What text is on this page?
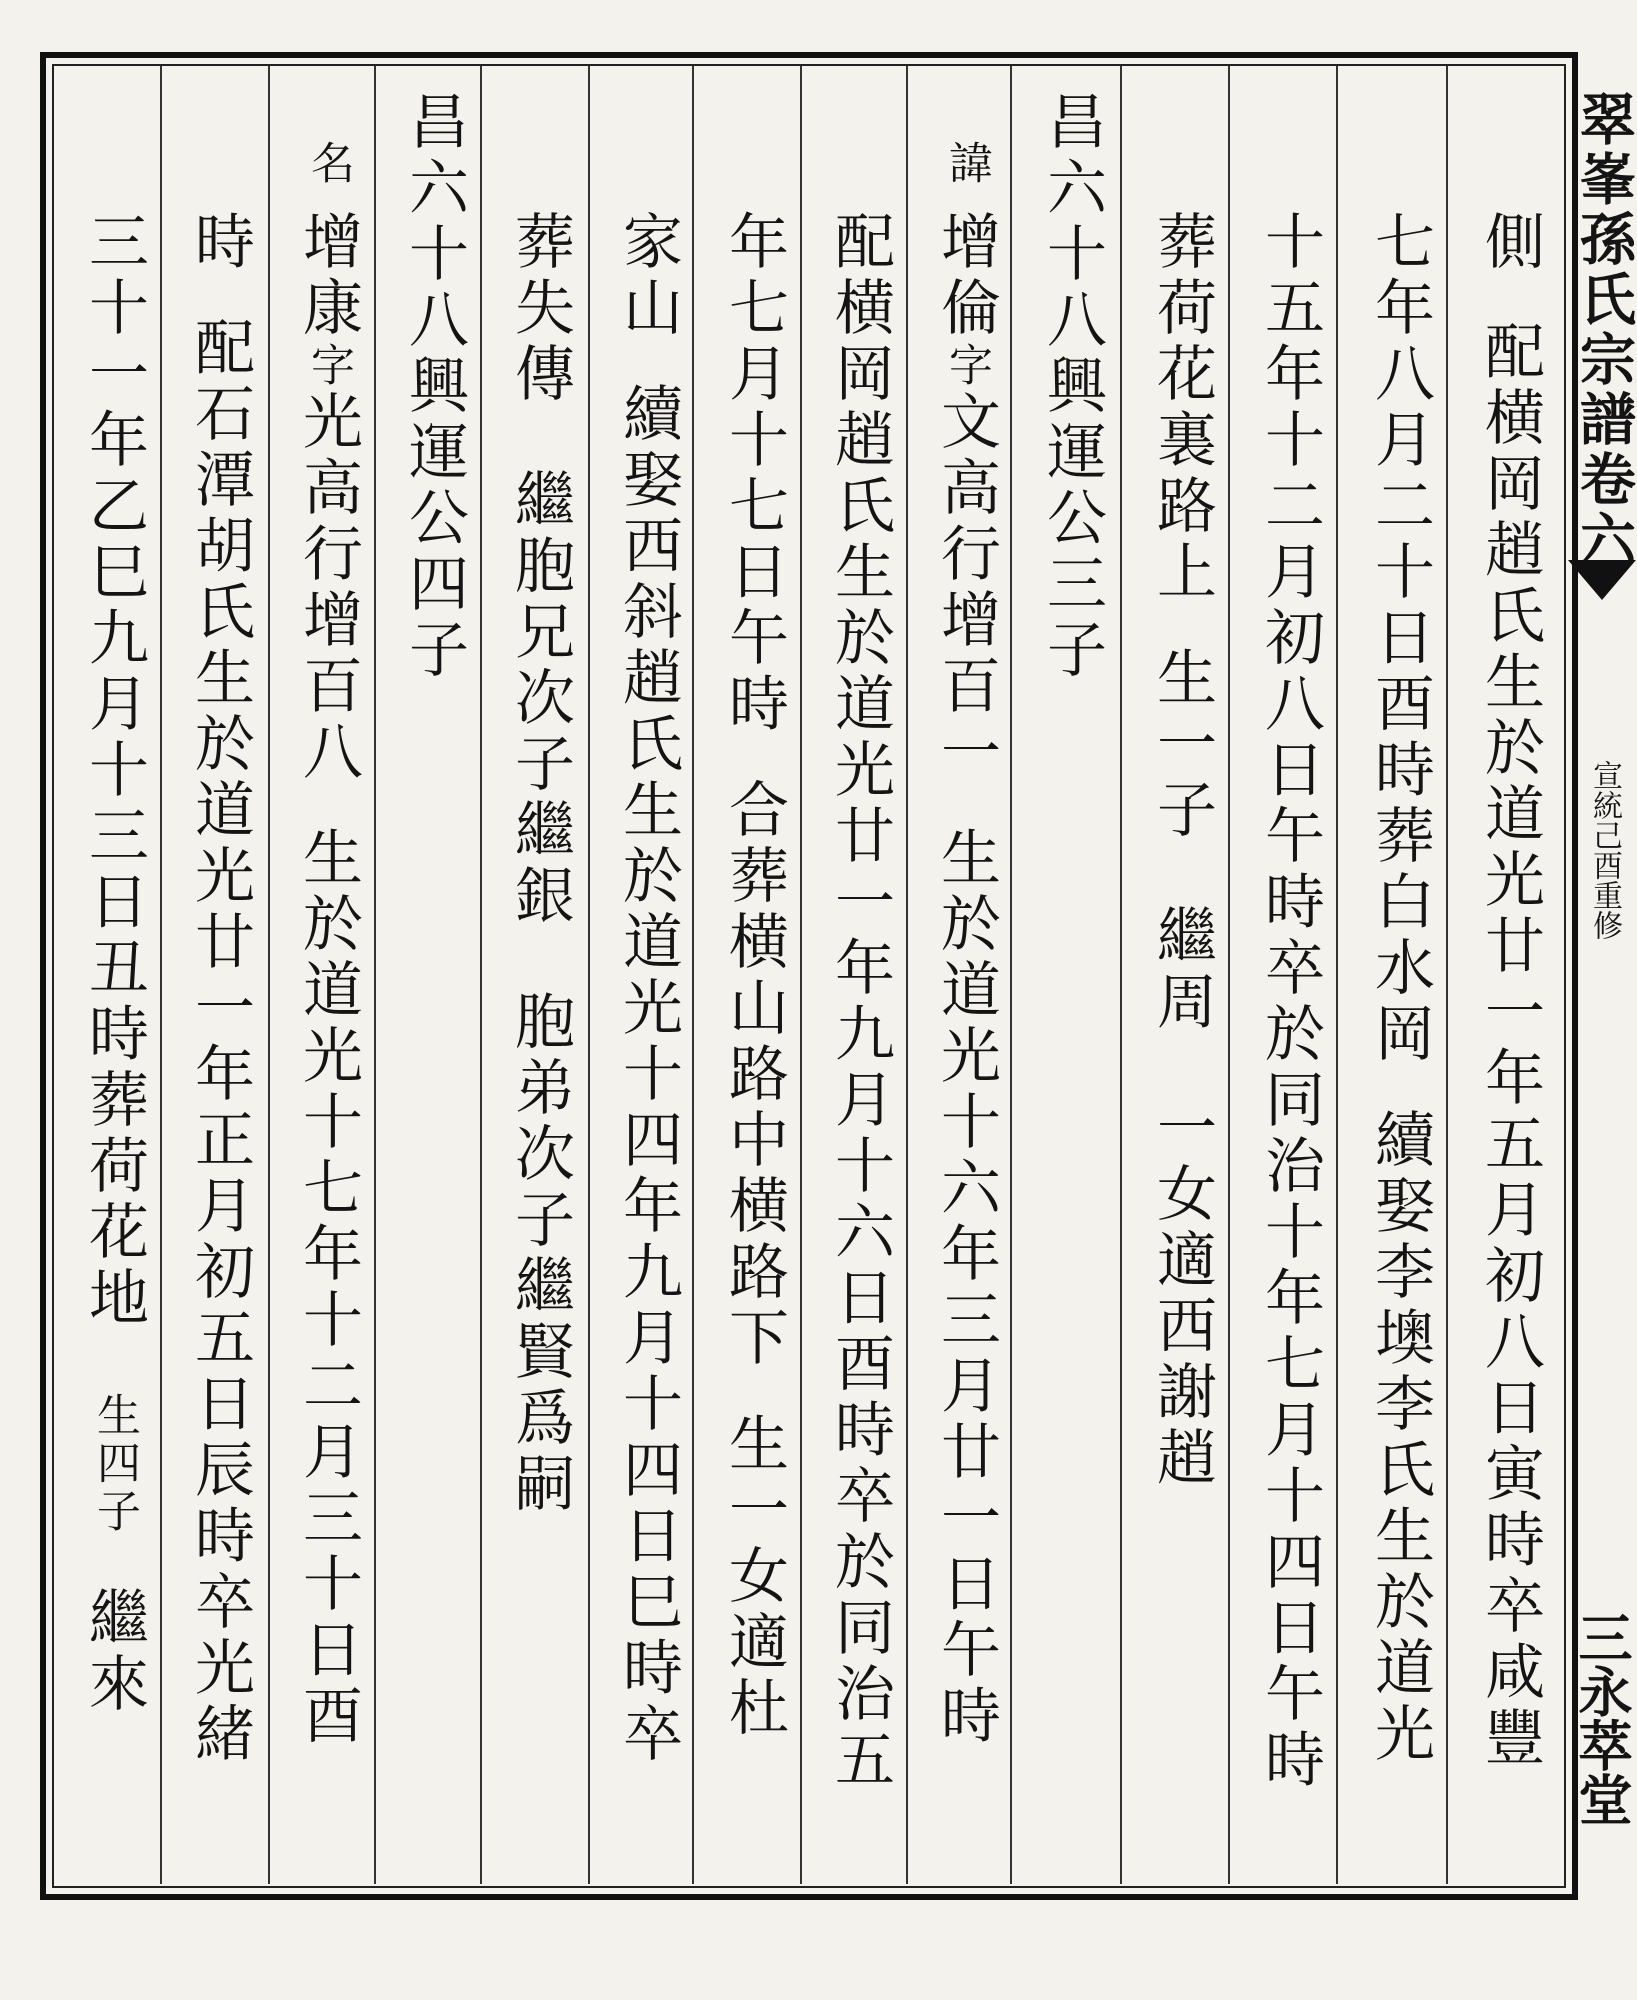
翠峯孫氏宗譜卷六
宣統己酉重修
三永萃堂
側
配横岡趙氏生於道光廿一年五月初八日寅時卒咸豐
七年八月二十日酉時葬白水岡續娶李墺李氏生於道光
十五年十二月初八日午時卒於同治十年七月十四日午時
葬荷花裏路上生一子繼周一女適西謝趙
昌六十八興運公三子
諱
增倫字文高行增百一生於道光十六年三月廿一日午時
配横岡趙氏生於道光廿一年九月十六日酉時卒於同治五
年七月十七日午時合葬横山路中横路下生一女適杜
家山續娶西斜趙氏生於道光十四年九月十四日巳時卒
葬失傳繼胞兄次子繼銀胞弟次子繼賢爲嗣
昌六十八興運公四子
名
增康字光高行增百八生於道光十七年十二月三十日酉
時配石潭胡氏生於道光廿一年正月初五日辰時卒光緒
三十一年乙巳九月十三日丑時葬荷花地生四子繼來
